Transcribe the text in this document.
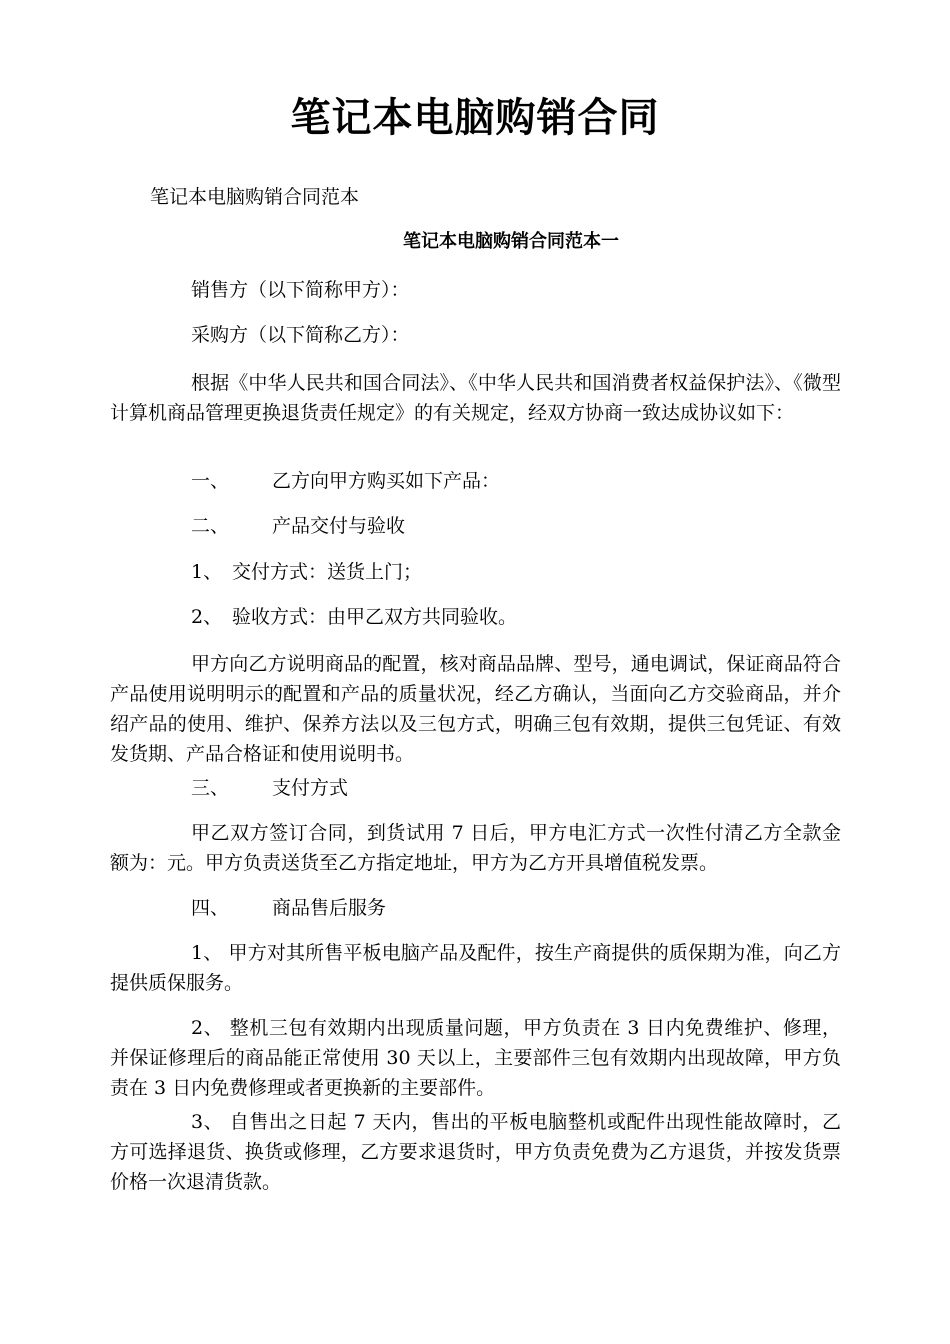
笔记本电脑购销合同
笔记本电脑购销合同范本
笔记本电脑购销合同范本一
销售方（以下简称甲方）：
采购方（以下简称乙方）：
根据《中华人民共和国合同法》、《中华人民共和国消费者权益保护法》、《微型计算机商品管理更换退货责任规定》的有关规定，经双方协商一致达成协议如下：
一、 乙方向甲方购买如下产品：
二、 产品交付与验收
1、 交付方式：送货上门；
2、 验收方式：由甲乙双方共同验收。
甲方向乙方说明商品的配置，核对商品品牌、型号，通电调试，保证商品符合产品使用说明明示的配置和产品的质量状况，经乙方确认，当面向乙方交验商品，并介绍产品的使用、维护、保养方法以及三包方式，明确三包有效期，提供三包凭证、有效发货期、产品合格证和使用说明书。
三、 支付方式
甲乙双方签订合同，到货试用 7 日后，甲方电汇方式一次性付清乙方全款金额为：元。甲方负责送货至乙方指定地址，甲方为乙方开具增值税发票。
四、 商品售后服务
1、 甲方对其所售平板电脑产品及配件，按生产商提供的质保期为准，向乙方提供质保服务。
2、 整机三包有效期内出现质量问题，甲方负责在 3 日内免费维护、修理，并保证修理后的商品能正常使用 30 天以上，主要部件三包有效期内出现故障，甲方负责在 3 日内免费修理或者更换新的主要部件。
3、 自售出之日起 7 天内，售出的平板电脑整机或配件出现性能故障时，乙方可选择退货、换货或修理，乙方要求退货时，甲方负责免费为乙方退货，并按发货票价格一次退清货款。
